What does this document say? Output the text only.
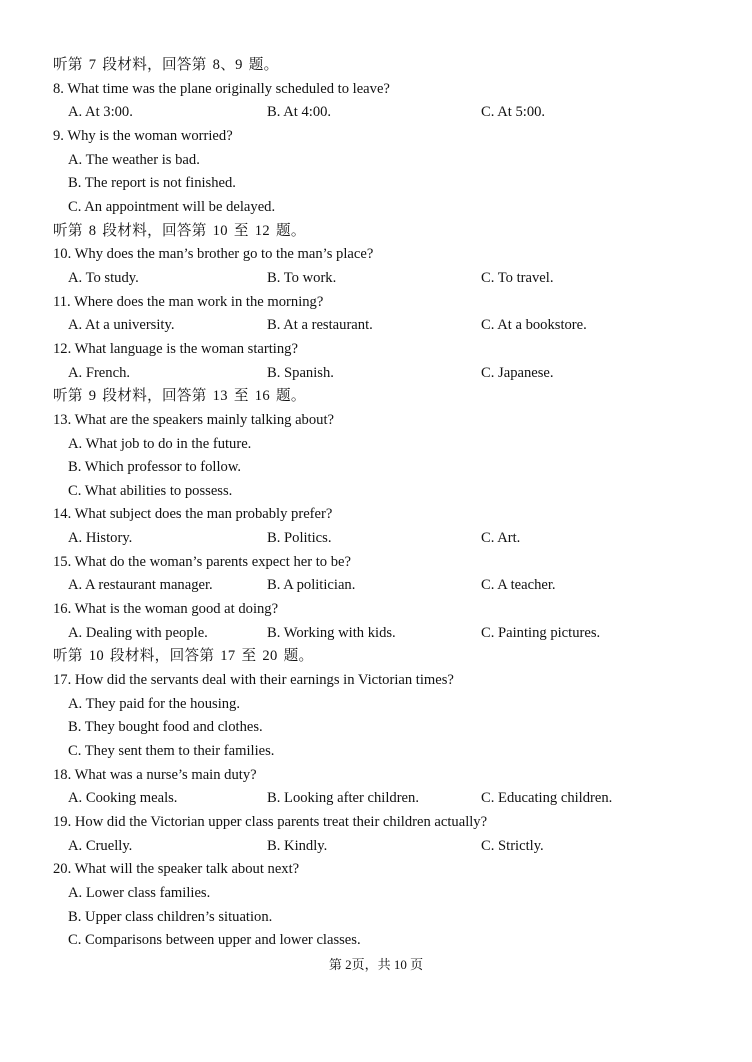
听第 7 段材料，回答第 8、9 题。
8. What time was the plane originally scheduled to leave?
A. At 3:00.	B. At 4:00.	C. At 5:00.
9. Why is the woman worried?
A. The weather is bad.
B. The report is not finished.
C. An appointment will be delayed.
听第 8 段材料，回答第 10 至 12 题。
10. Why does the man’s brother go to the man’s place?
A. To study.	B. To work.	C. To travel.
11. Where does the man work in the morning?
A. At a university.	B. At a restaurant.	C. At a bookstore.
12. What language is the woman starting?
A. French.	B. Spanish.	C. Japanese.
听第 9 段材料，回答第 13 至 16 题。
13. What are the speakers mainly talking about?
A. What job to do in the future.
B. Which professor to follow.
C. What abilities to possess.
14. What subject does the man probably prefer?
A. History.	B. Politics.	C. Art.
15. What do the woman’s parents expect her to be?
A. A restaurant manager.	B. A politician.	C. A teacher.
16. What is the woman good at doing?
A. Dealing with people.	B. Working with kids.	C. Painting pictures.
听第 10 段材料，回答第 17 至 20 题。
17. How did the servants deal with their earnings in Victorian times?
A. They paid for the housing.
B. They bought food and clothes.
C. They sent them to their families.
18. What was a nurse’s main duty?
A. Cooking meals.	B. Looking after children.	C. Educating children.
19. How did the Victorian upper class parents treat their children actually?
A. Cruelly.	B. Kindly.	C. Strictly.
20. What will the speaker talk about next?
A. Lower class families.
B. Upper class children’s situation.
C. Comparisons between upper and lower classes.
第 2页，共 10 页
